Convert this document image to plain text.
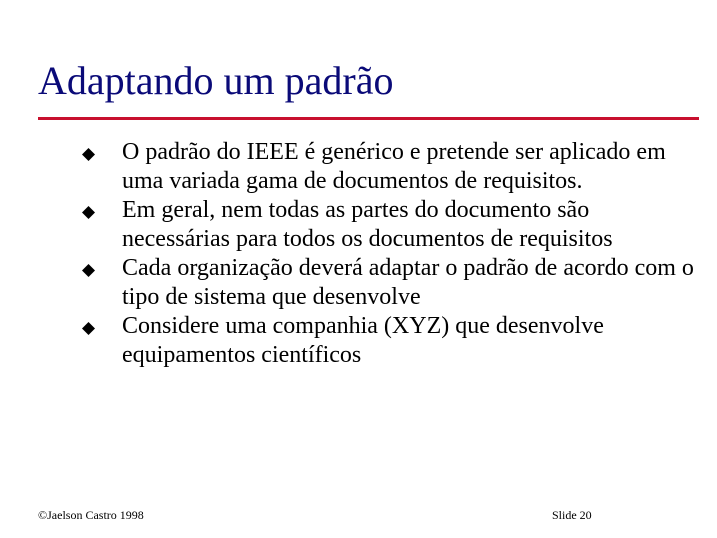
Adaptando um padrão
O padrão do IEEE é genérico e pretende ser aplicado em uma variada gama de documentos de requisitos.
Em geral, nem todas as partes do documento são necessárias para todos os documentos de requisitos
Cada organização deverá adaptar o padrão de acordo com o tipo de sistema que desenvolve
Considere uma companhia (XYZ) que desenvolve equipamentos científicos
©Jaelson Castro 1998	Slide 20
